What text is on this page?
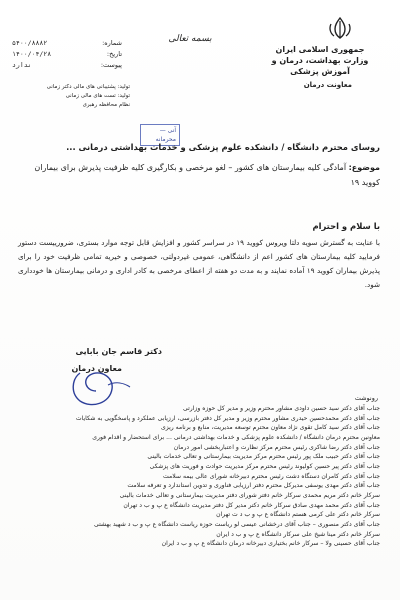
بسمه تعالی
جمهوری اسلامی ایران
وزارت بهداشت، درمان و آموزش پزشکی
معاونت درمان
شماره:
۵۴۰۰/۸۸۸۲
تاریخ:
۱۴۰۰/۰۴/۲۸
پیوست:
ندارد
تولید: پشتیبانی های مالی دکتر زمانی
تولید: تست های مالی زمانی
نظام محافظه رهبری
آنی —
محرمانه
روسای محترم دانشگاه / دانشکده علوم پزشکی و خدمات بهداشتی درمانی ...
موضوع: آمادگی کلیه بیمارستان های کشور – لغو مرخصی و بکارگیری کلیه ظرفیت پذیرش برای بیماران کووید ۱۹
با سلام و احترام
با عنایت به گسترش سویه دلتا ویروس کووید ۱۹ در سراسر کشور و افزایش قابل توجه موارد بستری، ضرورییست دستور فرمایید کلیه بیمارستان های کشور اعم از دانشگاهی، عمومی غیردولتی، خصوصی و خیریه تمامی ظرفیت خود را برای پذیرش بیماران کووید ۱۹ آماده نمایند و به مدت دو هفته از اعطای مرخصی به کادر اداری و درمانی بیمارستان ها خودداری شود.
دکتر قاسم جان بابایی
معاون درمان
رونوشت
جناب آقای دکتر سید حسین داودی مشاور محترم وزیر و مدیر کل حوزه وزارتی
جناب آقای دکتر محمدحسین حیدری مشاور محترم وزیر و مدیر کل دفتر بازرسی، ارزیابی عملکرد و پاسخگویی به شکایات
جناب آقای دکتر سید کامل تقوی نژاد معاون محترم توسعه مدیریت، منابع و برنامه ریزی
معاونین محترم درمان دانشگاه / دانشکده علوم پزشکی و خدمات بهداشتی درمانی ... برای استحضار و اقدام فوری
جناب آقای دکتر رضا شاکری رئیس محترم مرکز نظارت و اعتباربخشی امور درمان
جناب آقای دکتر حبیب ملک پور رئیس محترم مرکز مدیریت بیمارستانی و تعالی خدمات بالینی
جناب آقای دکتر پیر حسین کولیوند رئیس محترم مرکز مدیریت حوادث و فوریت های پزشکی
جناب آقای دکتر کامران دستگاه دشت رئیس محترم دبیرخانه شورای عالی بیمه سلامت
جناب آقای دکتر مهدی یوسفی مدیرکل محترم دفتر ارزیابی فناوری و تدوین استاندارد و تعرفه سلامت
سرکار خانم دکتر مریم محمدی سرکار خانم دفتر شورای دفتر مدیریت بیمارستانی و تعالی خدمات بالینی
جناب آقای دکتر محمد مهدی صادق سرکار خانم دکتر مدیر کل دفتر مدیریت دانشگاه ع پ و ب د تهران
سرکار خانم دکتر علی کرمی هستم دانشگاه ع پ و ب د ت تهران
جناب آقای دکتر منصوری – جناب آقای درخشانی عیسی لو ریاست حوزه ریاست دانشگاه ع پ و ب د شهید بهشتی
سرکار خانم دکتر مینا شیخ علی سرکار دانشگاه ع پ و ب د ایران
جناب آقای حسینی ولا – سرکار خانم بختیاری دبیرخانه درمان دانشگاه ع پ و ب د ایران
